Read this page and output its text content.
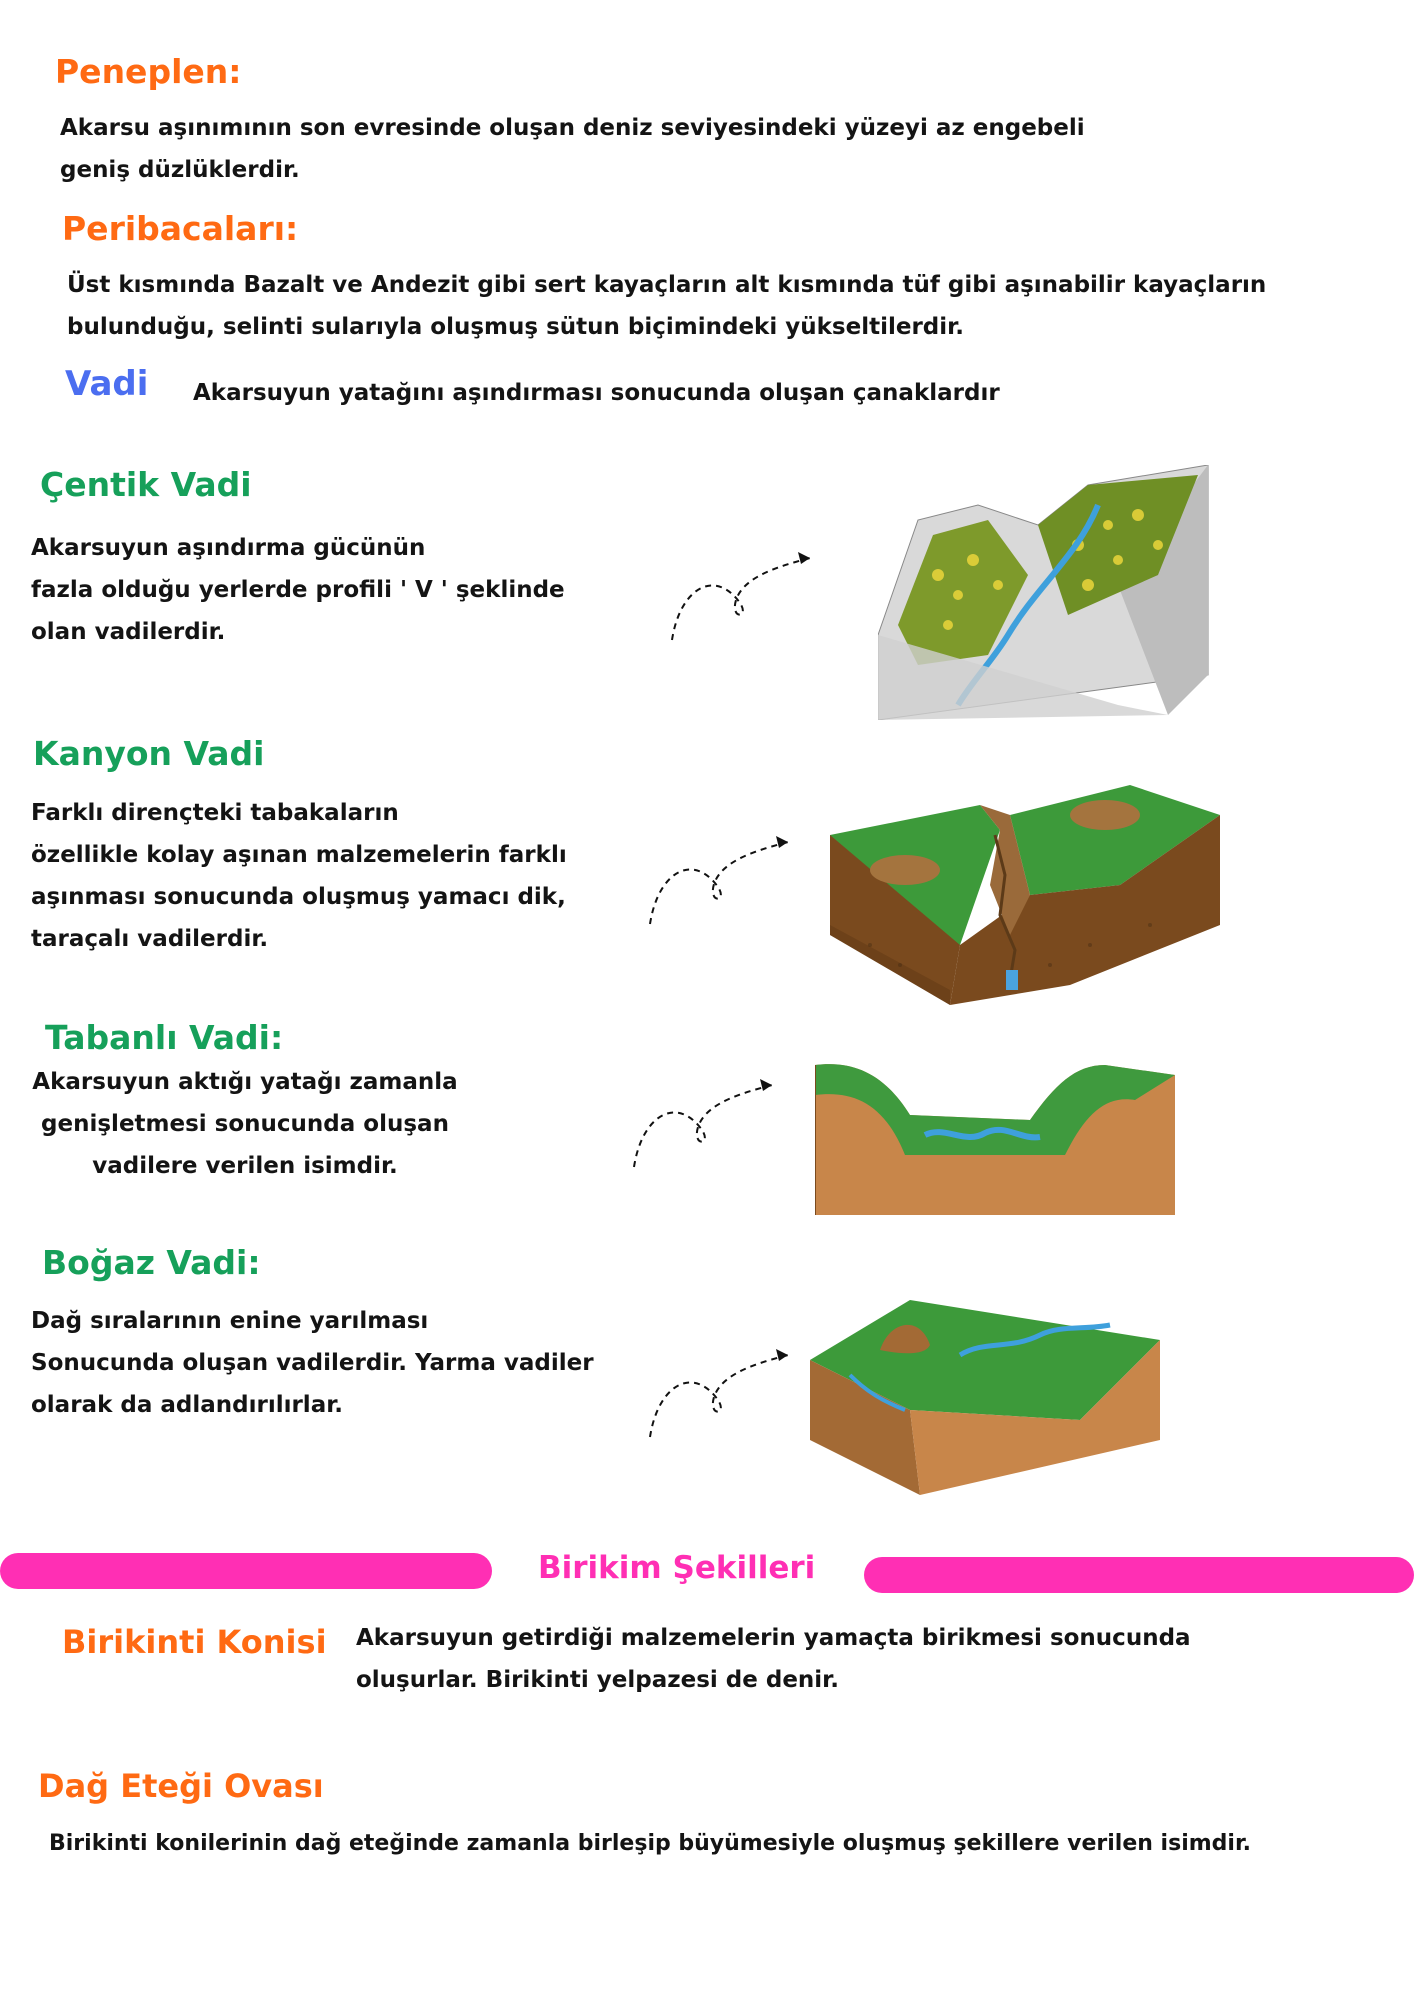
Peneplen:
Akarsu aşınımının son evresinde oluşan deniz seviyesindeki yüzeyi az engebeli
geniş düzlüklerdir.
Peribacaları:
Üst kısmında Bazalt ve Andezit gibi sert kayaçların alt kısmında tüf gibi aşınabilir kayaçların
bulunduğu, selinti sularıyla oluşmuş sütun biçimindeki yükseltilerdir.
Vadi Akarsuyun yatağını aşındırması sonucunda oluşan çanaklardır
Çentik Vadi
Akarsuyun aşındırma gücünün
fazla olduğu yerlerde profili ' V ' şeklinde
olan vadilerdir.
Kanyon Vadi
Farklı dirençteki tabakaların
özellikle kolay aşınan malzemelerin farklı
aşınması sonucunda oluşmuş yamacı dik,
taraçalı vadilerdir.
Tabanlı Vadi:
Akarsuyun aktığı yatağı zamanla
genişletmesi sonucunda oluşan
vadilere verilen isimdir.
Boğaz Vadi:
Dağ sıralarının enine yarılması
Sonucunda oluşan vadilerdir. Yarma vadiler
olarak da adlandırılırlar.
Birikim Şekilleri
Birikinti Konisi Akarsuyun getirdiği malzemelerin yamaçta birikmesi sonucunda
oluşurlar. Birikinti yelpazesi de denir.
Dağ Eteği Ovası
Birikinti konilerinin dağ eteğinde zamanla birleşip büyümesiyle oluşmuş şekillere verilen isimdir.
